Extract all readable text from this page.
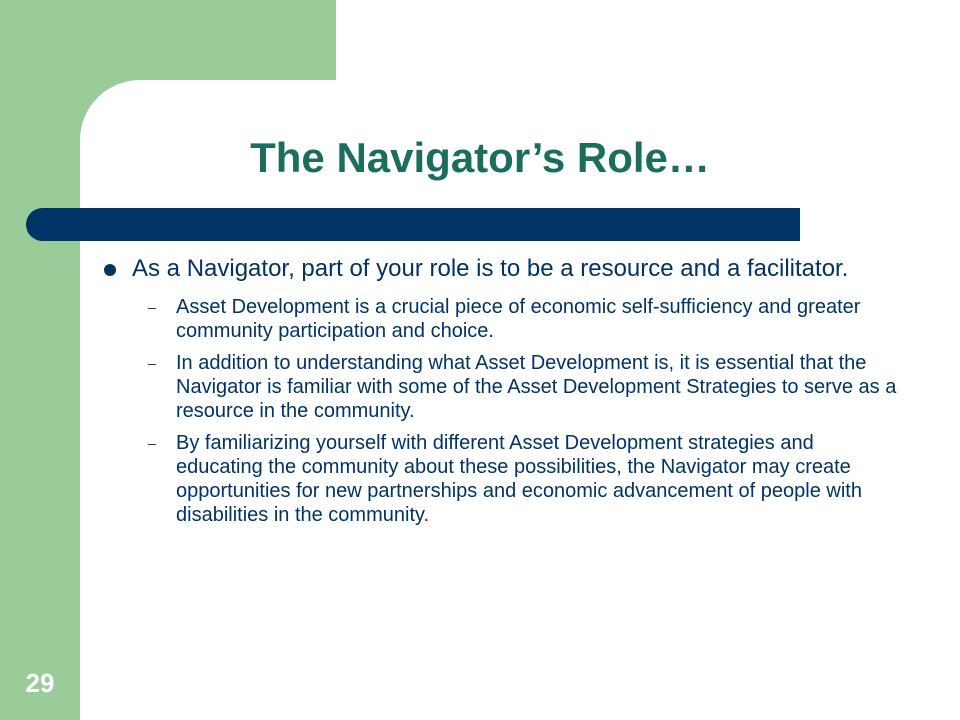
The Navigator’s Role…

As a Navigator, part of your role is to be a resource and a facilitator.

– Asset Development is a crucial piece of economic self-sufficiency and greater community participation and choice.

– In addition to understanding what Asset Development is, it is essential that the Navigator is familiar with some of the Asset Development Strategies to serve as a resource in the community.

– By familiarizing yourself with different Asset Development strategies and educating the community about these possibilities, the Navigator may create opportunities for new partnerships and economic advancement of people with disabilities in the community.

29
